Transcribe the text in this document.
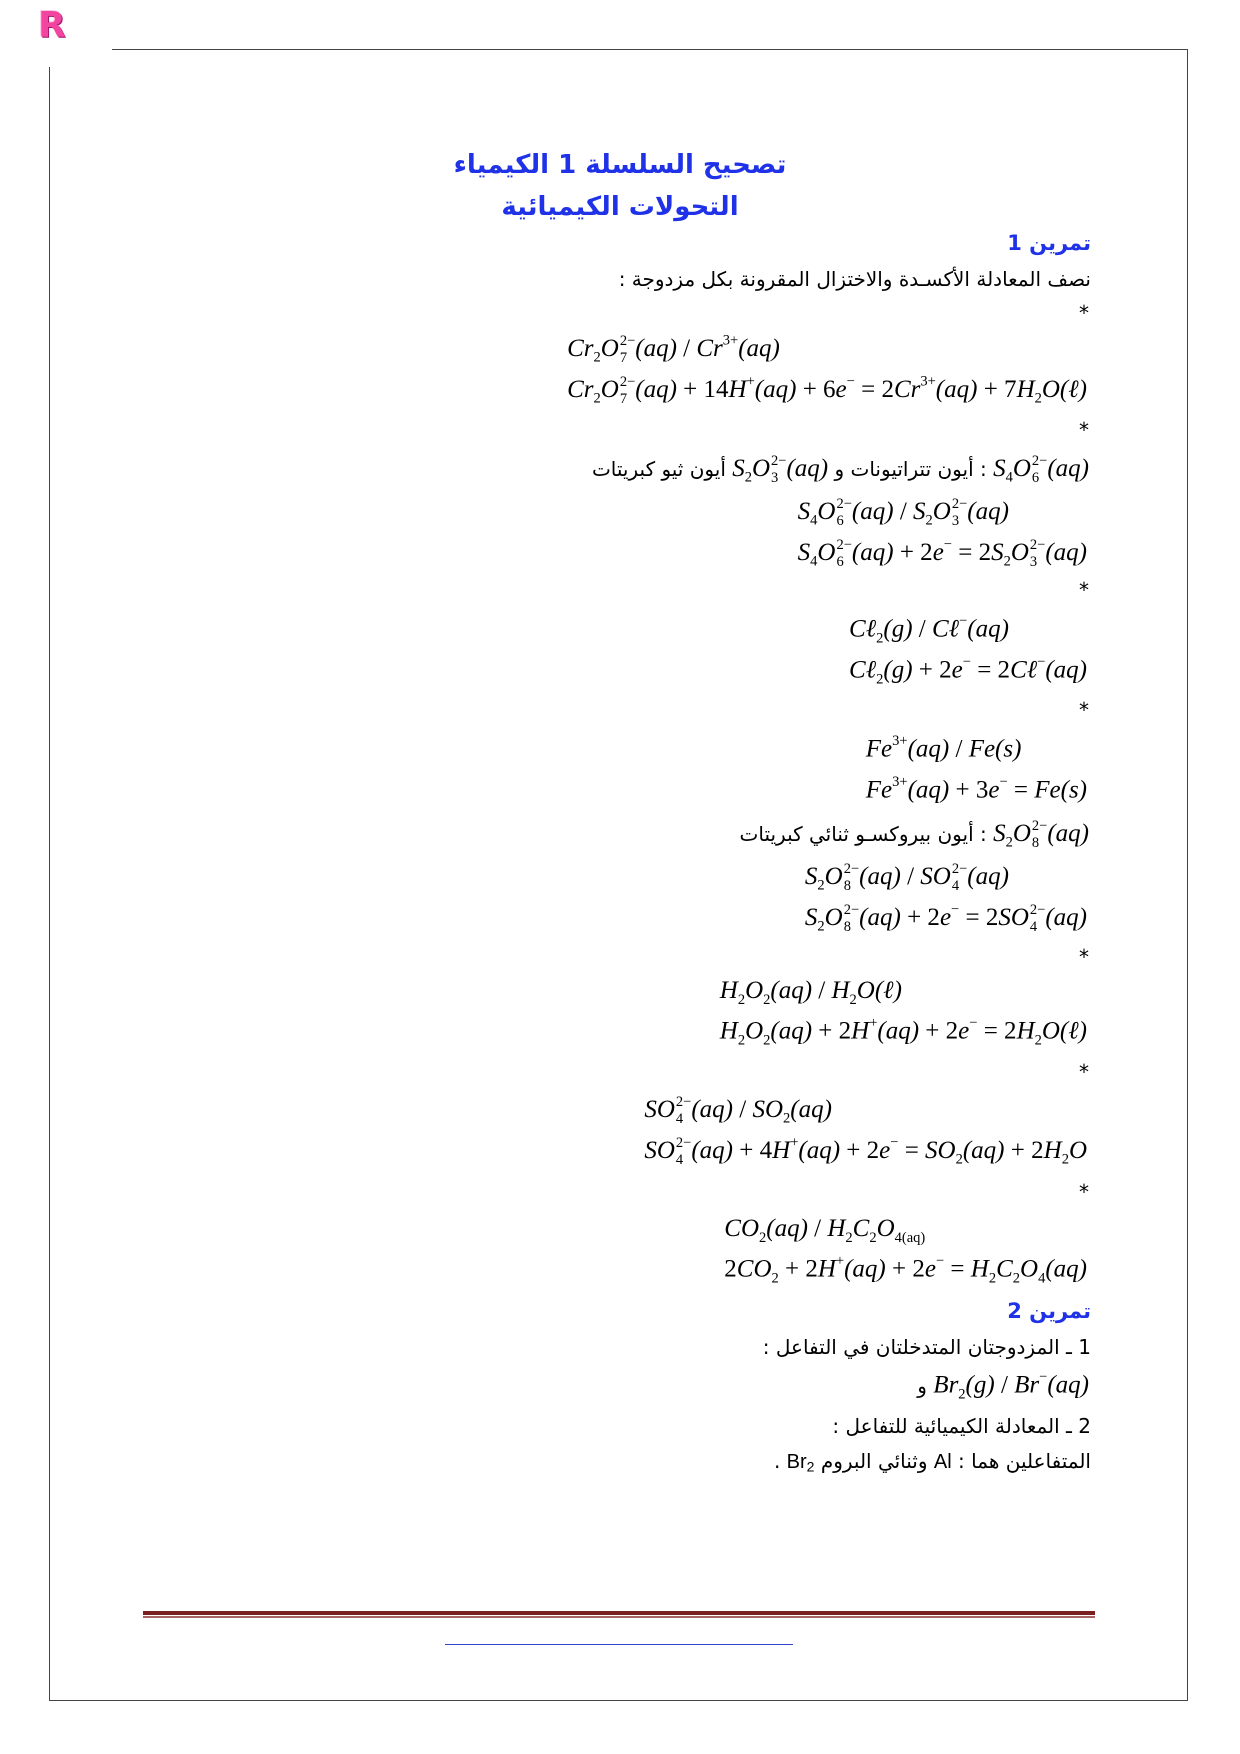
R
تصحيح السلسلة 1 الكيمياء
التحولات الكيميائية
تمرين 1
نصف المعادلة الأكسـدة والاختزال المقرونة بكل مزدوجة :
*
$Cr_2O$ 2−
7 $(aq) / Cr^{3+}(aq)$
$Cr_2O$ 2−
7 $(aq) + 14H^+(aq) + 6e^- = 2Cr^{3+}(aq)$ + $7H_2O(\ell)$
*
$S_4O$ 2−
6 (aq) : أيون تتراتيونات و $S_2O$ 2−
3 (aq) أيون ثيو كبريتات
$S_4O$ 2−
6 $(aq) / S_2O$ 2−
3 (aq)
$S_4O$ 2−
6 $(aq) + 2e^- = 2S_2O$ 2−
3 (aq)
*
Cℓ$_2$(g) / Cℓ−(aq)
Cℓ$_2$(g) + 2e− = 2Cℓ−(aq)
*
$Fe^{3+}(aq) / Fe(s)$
$Fe^{3+}(aq) + 3e^- = Fe(s)$
$S_2O$ 2−
8 (aq) : أيون بيروكسـو ثنائي كبريتات
$S_2O$ 2−
8 (aq) / SO 2−
4 (aq)
$S_2O$ 2−
8 (aq) + 2e− = 2SO 2−
4 (aq)
*
$H_2O_2(aq)$ / $H_2O(\ell)$
$H_2O_2(aq) + 2H^+(aq) + 2e^-$ = $2H_2O(\ell)$
*
SO 2−
4 $(aq) / SO_2(aq)$
SO 2−
4 $(aq) + 4H^+(aq) + 2e^- = SO_2(aq) + 2H_2O$
*
$CO_2(aq) / H_2C_2O_{4(aq)}$
$2CO_2 + 2H^+(aq) + 2e^- = H_2C_2O_4(aq)$
تمرين 2
1 ـ المزدوجتان المتدخلتان في التفاعل :
$Br_2(g) / Br^-(aq)$ و
2 ـ المعادلة الكيميائية للتفاعل :
المتفاعلين هما : Al وثنائي البروم Br2 .
